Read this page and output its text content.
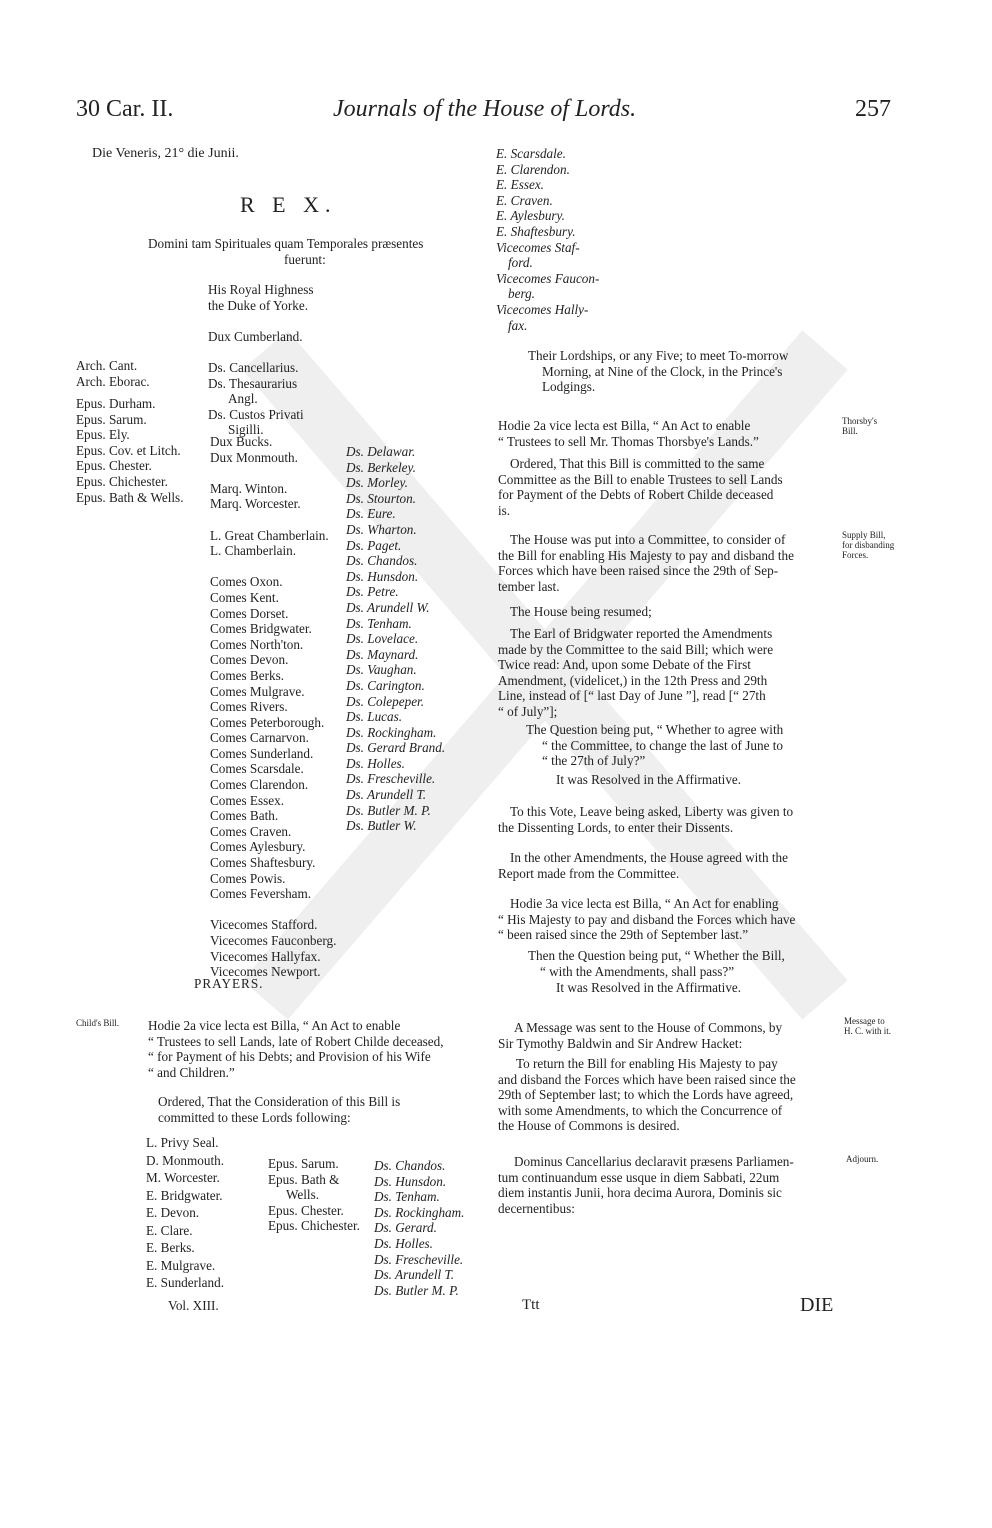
30 Car. II.	Journals of the House of Lords.	257
Die Veneris, 21° die Junii.
R E X.
Domini tam Spirituales quam Temporales præsentes
fuerunt:
Arch. Cant.
Arch. Eborac.
Epus. Durham.
Epus. Sarum.
Epus. Ely.
Epus. Cov. et Litch.
Epus. Chester.
Epus. Chichester.
Epus. Bath & Wells.
His Royal Highness
the Duke of Yorke.
Dux Cumberland.
Ds. Cancellarius.
Ds. Thesaurarius
Angl.
Ds. Custos Privati
Sigilli.
Dux Bucks.
Dux Monmouth.
Marq. Winton.
Marq. Worcester.
L. Great Chamberlain.
L. Chamberlain.
Comes Oxon.
Comes Kent.
Comes Dorset.
Comes Bridgwater.
Comes North'ton.
Comes Devon.
Comes Berks.
Comes Mulgrave.
Comes Rivers.
Comes Peterborough.
Comes Carnarvon.
Comes Sunderland.
Comes Scarsdale.
Comes Clarendon.
Comes Essex.
Comes Bath.
Comes Craven.
Comes Aylesbury.
Comes Shaftesbury.
Comes Powis.
Comes Feversham.
Vicecomes Stafford.
Vicecomes Fauconberg.
Vicecomes Hallyfax.
Vicecomes Newport.
Ds. Delawar.
Ds. Berkeley.
Ds. Morley.
Ds. Stourton.
Ds. Eure.
Ds. Wharton.
Ds. Paget.
Ds. Chandos.
Ds. Hunsdon.
Ds. Petre.
Ds. Arundell W.
Ds. Tenham.
Ds. Lovelace.
Ds. Maynard.
Ds. Vaughan.
Ds. Carington.
Ds. Colepeper.
Ds. Lucas.
Ds. Rockingham.
Ds. Gerard Brand.
Ds. Holles.
Ds. Frescheville.
Ds. Arundell T.
Ds. Butler M. P.
Ds. Butler W.
PRAYERS.
Child's Bill. Hodie 2a vice lecta est Billa, “ An Act to enable
“ Trustees to sell Lands, late of Robert Childe deceased,
“ for Payment of his Debts; and Provision of his Wife
“ and Children.”
Ordered, That the Consideration of this Bill is
committed to these Lords following:
L. Privy Seal.
D. Monmouth.
M. Worcester.
E. Bridgwater.
E. Devon.
E. Clare.
E. Berks.
E. Mulgrave.
E. Sunderland.
Epus. Sarum.
Epus. Bath &
Wells.
Epus. Chester.
Epus. Chichester.
Ds. Chandos.
Ds. Hunsdon.
Ds. Tenham.
Ds. Rockingham.
Ds. Gerard.
Ds. Holles.
Ds. Frescheville.
Ds. Arundell T.
Ds. Butler M. P.
Vol. XIII.
E. Scarsdale.
E. Clarendon.
E. Essex.
E. Craven.
E. Aylesbury.
E. Shaftesbury.
Vicecomes Staf-
ford.
Vicecomes Faucon-
berg.
Vicecomes Hally-
fax.
Their Lordships, or any Five; to meet To-morrow
Morning, at Nine of the Clock, in the Prince's
Lodgings.
Thorsby's Bill.
Hodie 2a vice lecta est Billa, “ An Act to enable
“ Trustees to sell Mr. Thomas Thorsbye's Lands.”
Ordered, That this Bill is committed to the same
Committee as the Bill to enable Trustees to sell Lands
for Payment of the Debts of Robert Childe deceased
is.
Supply Bill, for disbanding Forces.
The House was put into a Committee, to consider of
the Bill for enabling His Majesty to pay and disband the
Forces which have been raised since the 29th of Sep-
tember last.
The House being resumed;
The Earl of Bridgwater reported the Amendments
made by the Committee to the said Bill; which were
Twice read: And, upon some Debate of the First
Amendment, (videlicet,) in the 12th Press and 29th
Line, instead of [“ last Day of June ”], read [“ 27th
“ of July”];
The Question being put, “ Whether to agree with
“ the Committee, to change the last of June to
“ the 27th of July?”
It was Resolved in the Affirmative.
To this Vote, Leave being asked, Liberty was given to
the Dissenting Lords, to enter their Dissents.
In the other Amendments, the House agreed with the
Report made from the Committee.
Hodie 3a vice lecta est Billa, “ An Act for enabling
“ His Majesty to pay and disband the Forces which have
“ been raised since the 29th of September last.”
Then the Question being put, “ Whether the Bill,
“ with the Amendments, shall pass?”
It was Resolved in the Affirmative.
Message to H. C. with it.
A Message was sent to the House of Commons, by
Sir Tymothy Baldwin and Sir Andrew Hacket:
To return the Bill for enabling His Majesty to pay
and disband the Forces which have been raised since the
29th of September last; to which the Lords have agreed,
with some Amendments, to which the Concurrence of
the House of Commons is desired.
Adjourn.
Dominus Cancellarius declaravit præsens Parliamen-
tum continuandum esse usque in diem Sabbati, 22um
diem instantis Junii, hora decima Aurora, Dominis sic
decernentibus:
Ttt	DIE
